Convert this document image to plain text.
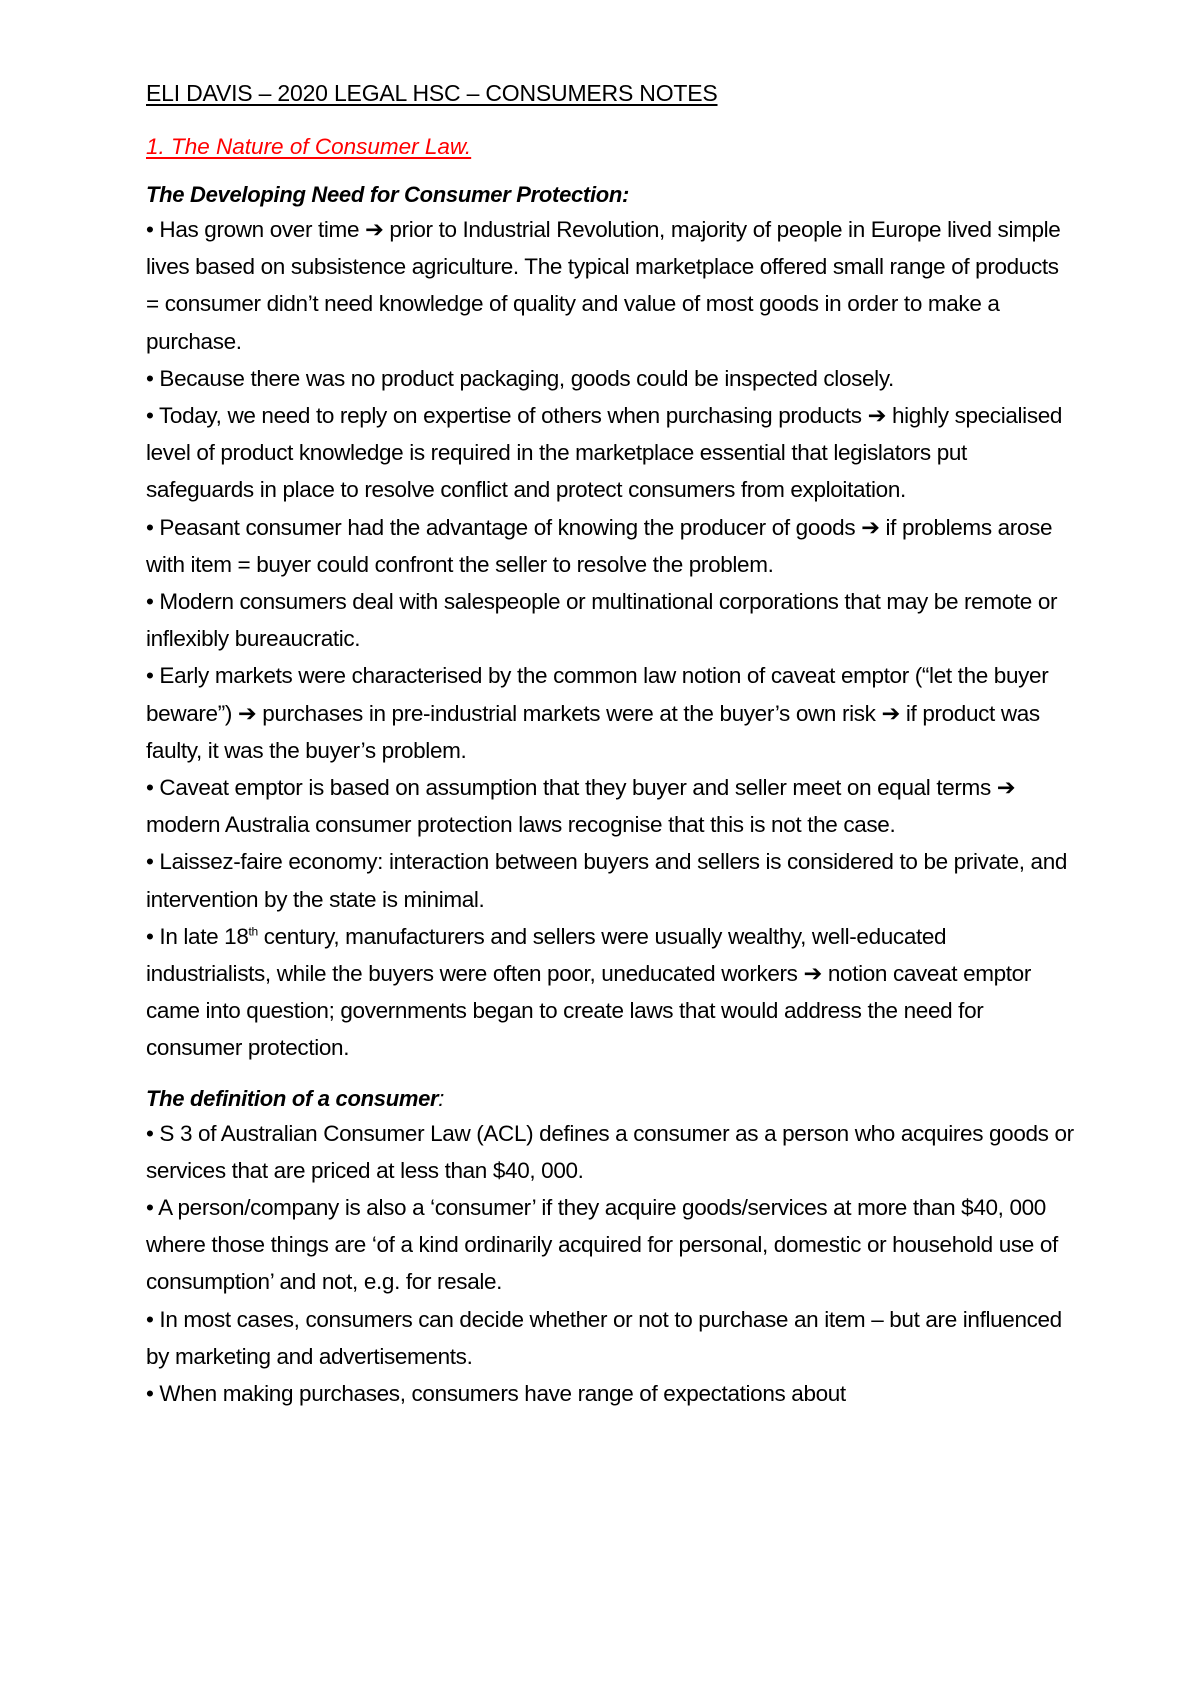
ELI DAVIS – 2020 LEGAL HSC – CONSUMERS NOTES
1. The Nature of Consumer Law.
The Developing Need for Consumer Protection:
• Has grown over time ➔ prior to Industrial Revolution, majority of people in Europe lived simple lives based on subsistence agriculture. The typical marketplace offered small range of products = consumer didn’t need knowledge of quality and value of most goods in order to make a purchase.
• Because there was no product packaging, goods could be inspected closely.
• Today, we need to reply on expertise of others when purchasing products ➔ highly specialised level of product knowledge is required in the marketplace essential that legislators put safeguards in place to resolve conflict and protect consumers from exploitation.
• Peasant consumer had the advantage of knowing the producer of goods ➔ if problems arose with item = buyer could confront the seller to resolve the problem.
• Modern consumers deal with salespeople or multinational corporations that may be remote or inflexibly bureaucratic.
• Early markets were characterised by the common law notion of caveat emptor (“let the buyer beware”) ➔ purchases in pre-industrial markets were at the buyer’s own risk ➔ if product was faulty, it was the buyer’s problem.
• Caveat emptor is based on assumption that they buyer and seller meet on equal terms ➔ modern Australia consumer protection laws recognise that this is not the case.
• Laissez-faire economy: interaction between buyers and sellers is considered to be private, and intervention by the state is minimal.
• In late 18th century, manufacturers and sellers were usually wealthy, well-educated industrialists, while the buyers were often poor, uneducated workers ➔ notion caveat emptor came into question; governments began to create laws that would address the need for consumer protection.
The definition of a consumer:
• S 3 of Australian Consumer Law (ACL) defines a consumer as a person who acquires goods or services that are priced at less than $40, 000.
• A person/company is also a ‘consumer’ if they acquire goods/services at more than $40, 000 where those things are ‘of a kind ordinarily acquired for personal, domestic or household use of consumption’ and not, e.g. for resale.
• In most cases, consumers can decide whether or not to purchase an item – but are influenced by marketing and advertisements.
• When making purchases, consumers have range of expectations about
